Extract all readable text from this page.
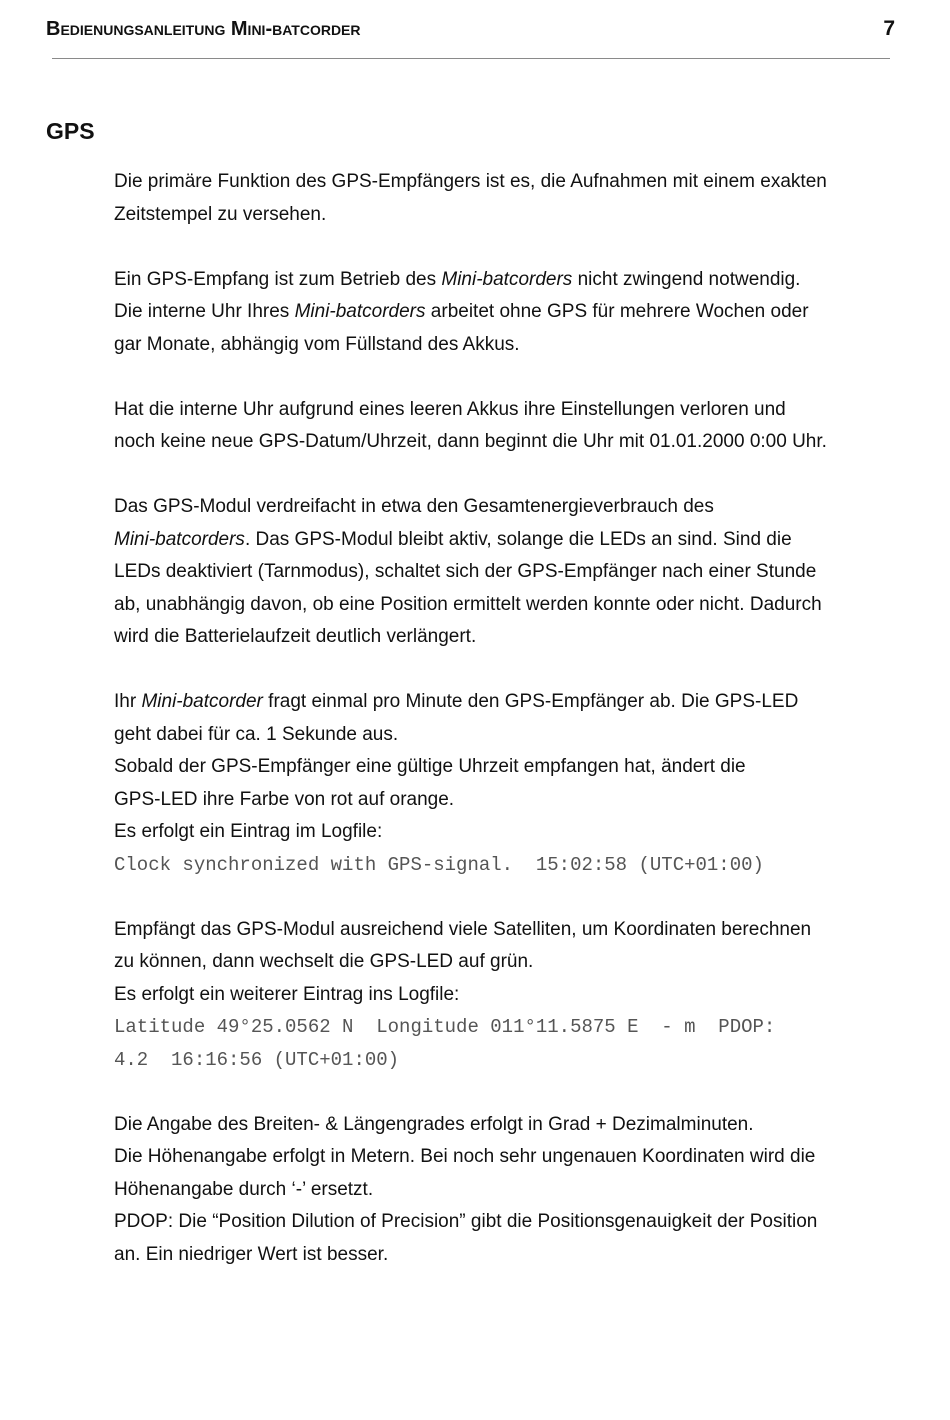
Bedienungsanleitung Mini-batcorder	7
GPS

Die primäre Funktion des GPS-Empfängers ist es, die Aufnahmen mit einem exakten
Zeitstempel zu versehen.

Ein GPS-Empfang ist zum Betrieb des Mini-batcorders nicht zwingend notwendig.
Die interne Uhr Ihres Mini-batcorders arbeitet ohne GPS für mehrere Wochen oder
gar Monate, abhängig vom Füllstand des Akkus.

Hat die interne Uhr aufgrund eines leeren Akkus ihre Einstellungen verloren und
noch keine neue GPS-Datum/Uhrzeit, dann beginnt die Uhr mit 01.01.2000 0:00 Uhr.

Das GPS-Modul verdreifacht in etwa den Gesamtenergieverbrauch des
Mini-batcorders. Das GPS-Modul bleibt aktiv, solange die LEDs an sind. Sind die
LEDs deaktiviert (Tarnmodus), schaltet sich der GPS-Empfänger nach einer Stunde
ab, unabhängig davon, ob eine Position ermittelt werden konnte oder nicht. Dadurch
wird die Batterielaufzeit deutlich verlängert.

Ihr Mini-batcorder fragt einmal pro Minute den GPS-Empfänger ab. Die GPS-LED
geht dabei für ca. 1 Sekunde aus.
Sobald der GPS-Empfänger eine gültige Uhrzeit empfangen hat, ändert die
GPS-LED ihre Farbe von rot auf orange.
Es erfolgt ein Eintrag im Logfile:
Clock synchronized with GPS-signal.  15:02:58 (UTC+01:00)

Empfängt das GPS-Modul ausreichend viele Satelliten, um Koordinaten berechnen
zu können, dann wechselt die GPS-LED auf grün.
Es erfolgt ein weiterer Eintrag ins Logfile:
Latitude 49°25.0562 N  Longitude 011°11.5875 E  - m  PDOP:
4.2  16:16:56 (UTC+01:00)

Die Angabe des Breiten- & Längengrades erfolgt in Grad + Dezimalminuten.
Die Höhenangabe erfolgt in Metern. Bei noch sehr ungenauen Koordinaten wird die
Höhenangabe durch ‘-’ ersetzt.
PDOP: Die “Position Dilution of Precision” gibt die Positionsgenauigkeit der Position
an. Ein niedriger Wert ist besser.
